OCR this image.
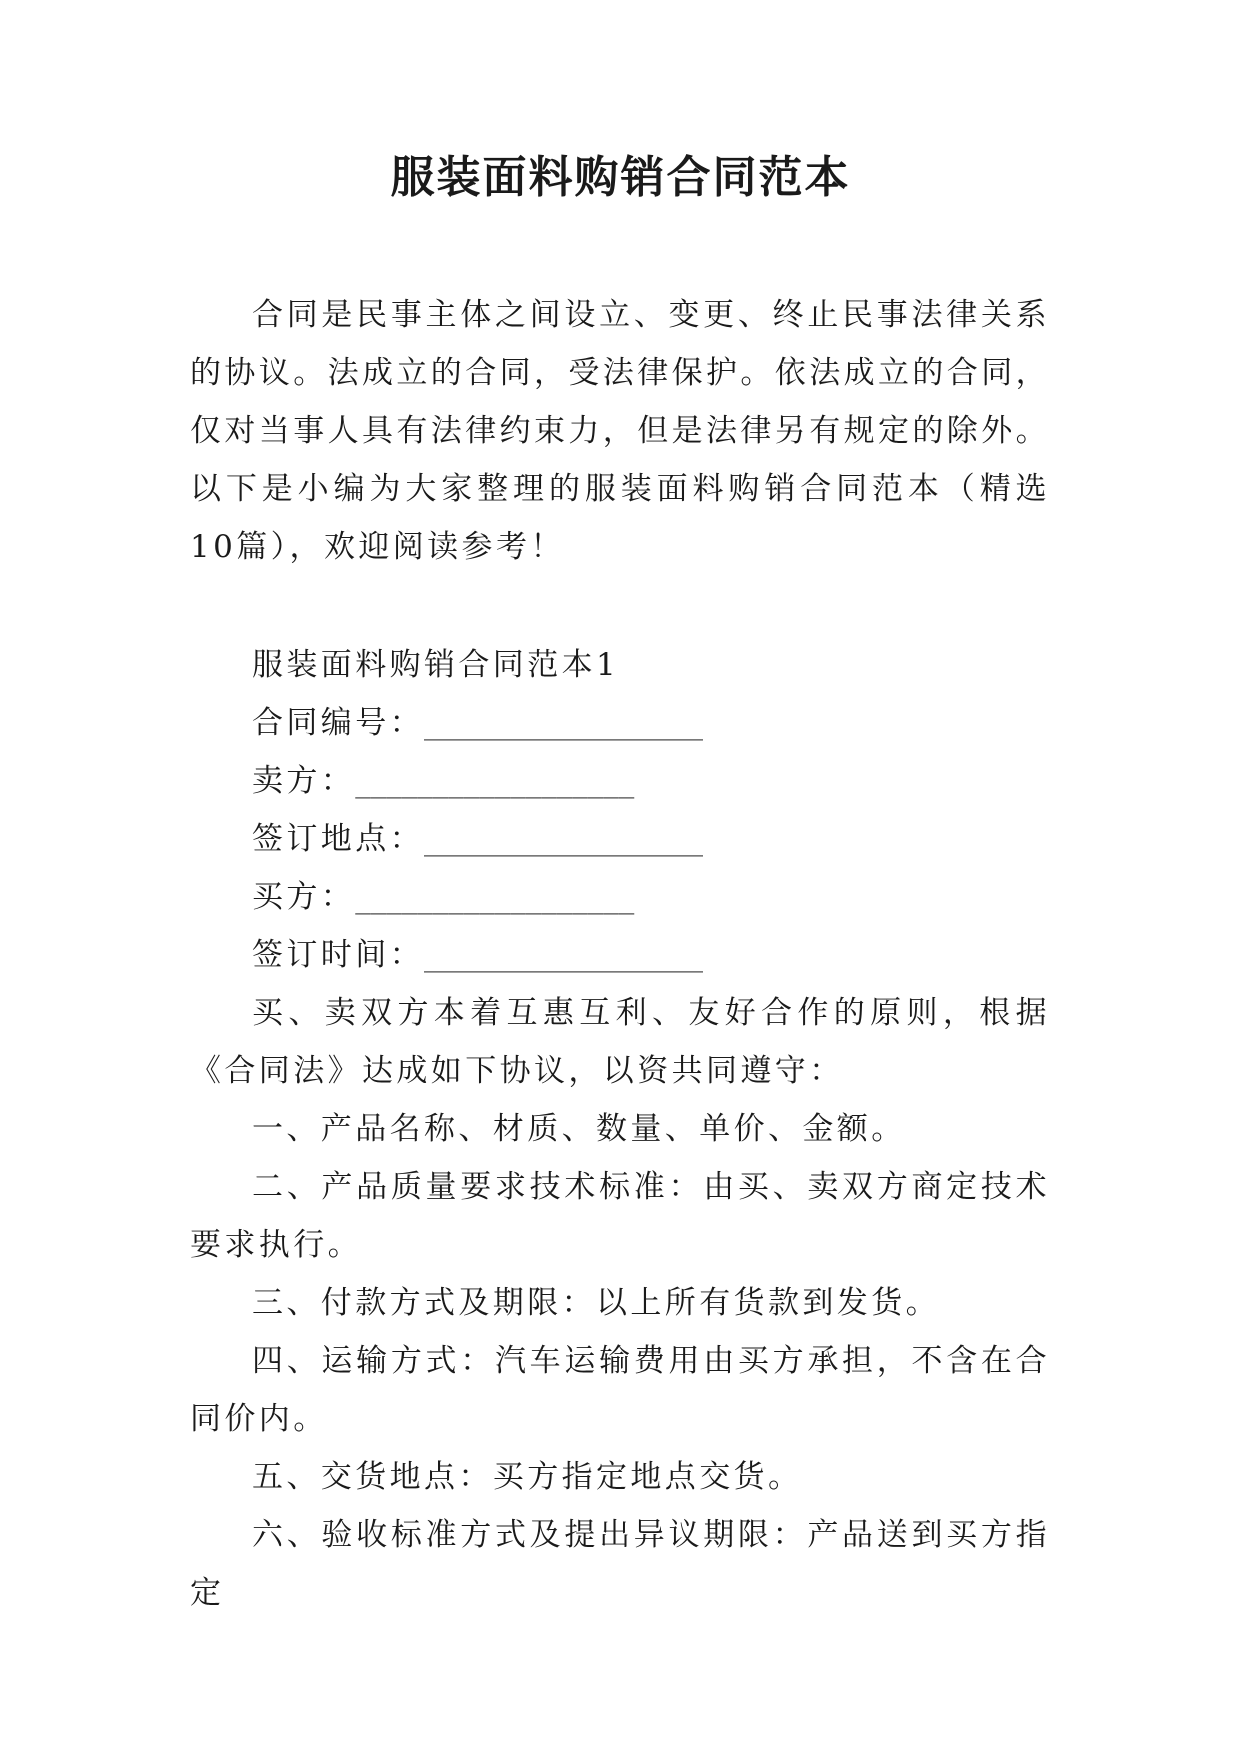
服装面料购销合同范本

合同是民事主体之间设立、变更、终止民事法律关系的协议。法成立的合同，受法律保护。依法成立的合同，仅对当事人具有法律约束力，但是法律另有规定的除外。以下是小编为大家整理的服装面料购销合同范本（精选10篇），欢迎阅读参考！

服装面料购销合同范本1

合同编号：__________________

卖方：__________________

签订地点：__________________

买方：__________________

签订时间：__________________

买、卖双方本着互惠互利、友好合作的原则，根据《合同法》达成如下协议，以资共同遵守：

一、产品名称、材质、数量、单价、金额。

二、产品质量要求技术标准：由买、卖双方商定技术要求执行。

三、付款方式及期限：以上所有货款到发货。

四、运输方式：汽车运输费用由买方承担，不含在合同价内。

五、交货地点：买方指定地点交货。

六、验收标准方式及提出异议期限：产品送到买方指定
